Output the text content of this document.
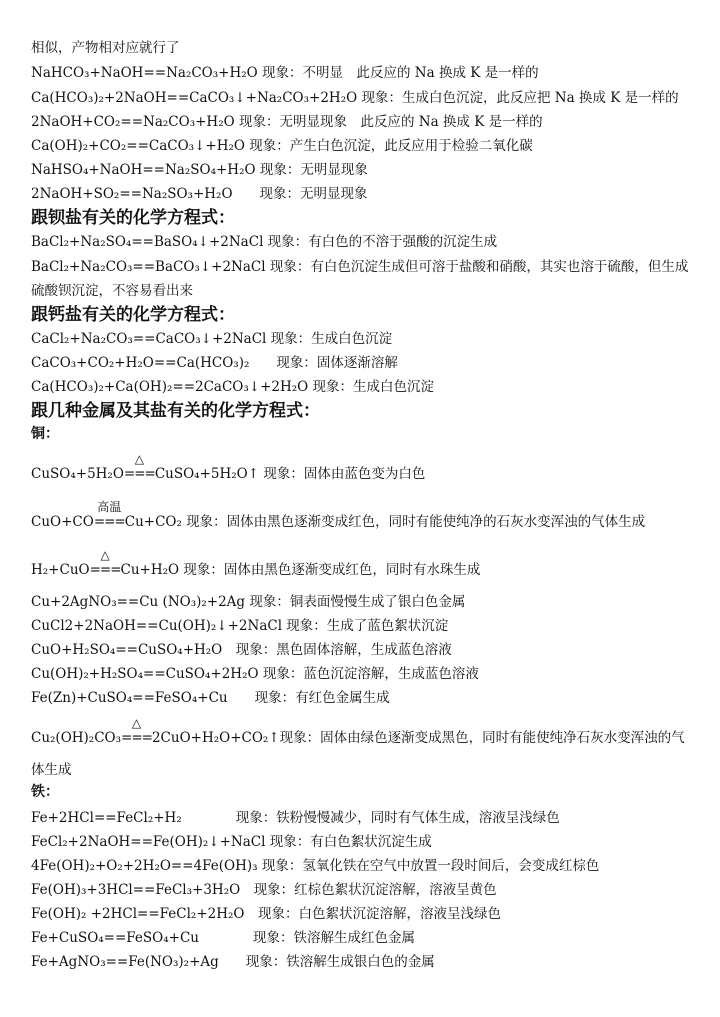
相似，产物相对应就行了
NaHCO₃+NaOH==Na₂CO₃+H₂O 现象：不明显　此反应的 Na 换成 K 是一样的
Ca(HCO₃)₂+2NaOH==CaCO₃↓+Na₂CO₃+2H₂O 现象：生成白色沉淀，此反应把 Na 换成 K 是一样的
2NaOH+CO₂==Na₂CO₃+H₂O 现象：无明显现象　此反应的 Na 换成 K 是一样的
Ca(OH)₂+CO₂==CaCO₃↓+H₂O 现象：产生白色沉淀，此反应用于检验二氧化碳
NaHSO₄+NaOH==Na₂SO₄+H₂O 现象：无明显现象
2NaOH+SO₂==Na₂SO₃+H₂O　　现象：无明显现象
跟钡盐有关的化学方程式：
BaCl₂+Na₂SO₄==BaSO₄↓+2NaCl 现象：有白色的不溶于强酸的沉淀生成
BaCl₂+Na₂CO₃==BaCO₃↓+2NaCl 现象：有白色沉淀生成但可溶于盐酸和硝酸，其实也溶于硫酸，但生成
硫酸钡沉淀，不容易看出来
跟钙盐有关的化学方程式：
CaCl₂+Na₂CO₃==CaCO₃↓+2NaCl 现象：生成白色沉淀
CaCO₃+CO₂+H₂O==Ca(HCO₃)₂　　现象：固体逐渐溶解
Ca(HCO₃)₂+Ca(OH)₂==2CaCO₃↓+2H₂O 现象：生成白色沉淀
跟几种金属及其盐有关的化学方程式：
铜：
CuSO₄+5H₂O
△
===CuSO₄+5H₂O↑ 现象：固体由蓝色变为白色
CuO+CO
高温
===Cu+CO₂ 现象：固体由黑色逐渐变成红色，同时有能使纯净的石灰水变浑浊的气体生成
H₂+CuO
△
===Cu+H₂O 现象：固体由黑色逐渐变成红色，同时有水珠生成
Cu+2AgNO₃==Cu (NO₃)₂+2Ag 现象：铜表面慢慢生成了银白色金属
CuCl2+2NaOH==Cu(OH)₂↓+2NaCl 现象：生成了蓝色絮状沉淀
CuO+H₂SO₄==CuSO₄+H₂O　现象：黑色固体溶解，生成蓝色溶液
Cu(OH)₂+H₂SO₄==CuSO₄+2H₂O 现象：蓝色沉淀溶解，生成蓝色溶液
Fe(Zn)+CuSO₄==FeSO₄+Cu　　现象：有红色金属生成
Cu₂(OH)₂CO₃
△
===2CuO+H₂O+CO₂↑现象：固体由绿色逐渐变成黑色，同时有能使纯净石灰水变浑浊的气
体生成
铁：
Fe+2HCl==FeCl₂+H₂　　　　现象：铁粉慢慢减少，同时有气体生成，溶液呈浅绿色
FeCl₂+2NaOH==Fe(OH)₂↓+NaCl 现象：有白色絮状沉淀生成
4Fe(OH)₂+O₂+2H₂O==4Fe(OH)₃ 现象：氢氧化铁在空气中放置一段时间后，会变成红棕色
Fe(OH)₃+3HCl==FeCl₃+3H₂O　现象：红棕色絮状沉淀溶解，溶液呈黄色
Fe(OH)₂ +2HCl==FeCl₂+2H₂O　现象：白色絮状沉淀溶解，溶液呈浅绿色
Fe+CuSO₄==FeSO₄+Cu　　　　现象：铁溶解生成红色金属
Fe+AgNO₃==Fe(NO₃)₂+Ag　　现象：铁溶解生成银白色的金属
